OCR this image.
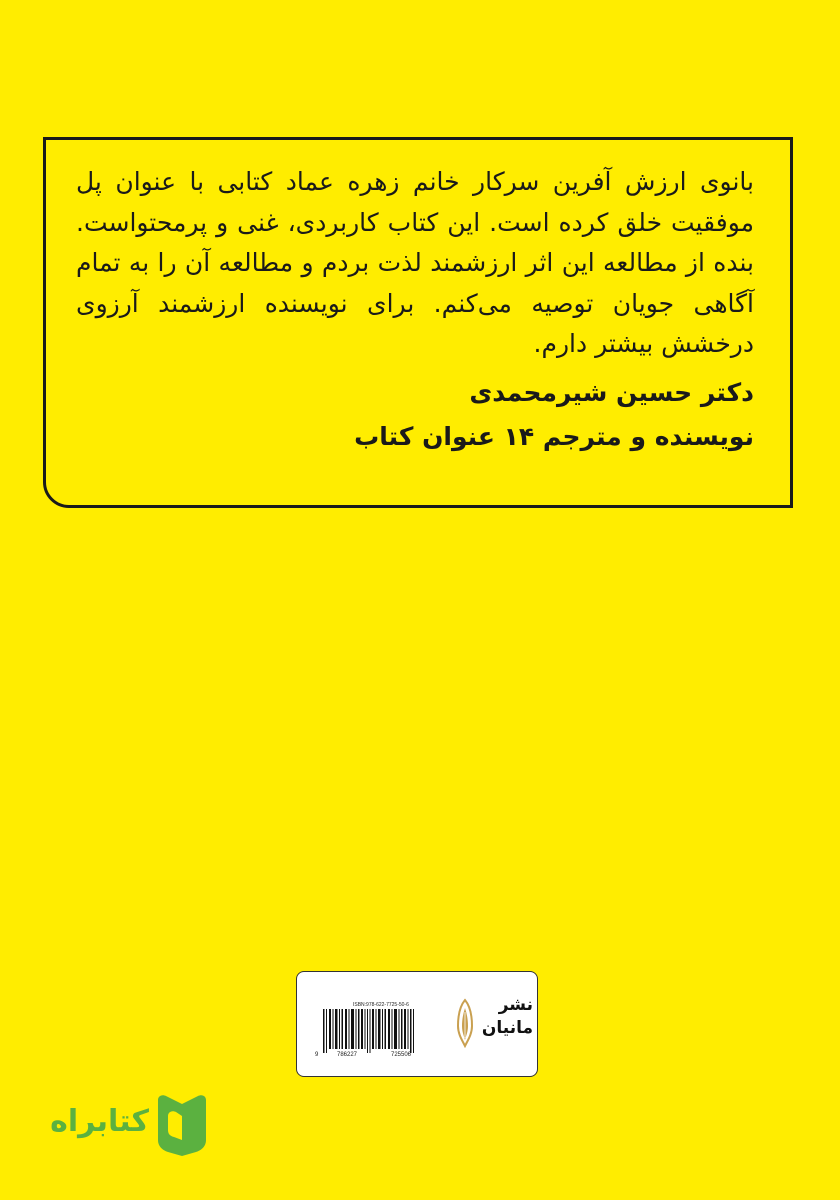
بانوی ارزش آفرین سرکار خانم زهره عماد کتابی با عنوان پل موفقیت خلق کرده است. این کتاب کاربردی، غنی و پرمحتواست. بنده از مطالعه این اثر ارزشمند لذت بردم و مطالعه آن را به تمام آگاهی جویان توصیه می‌کنم. برای نویسنده ارزشمند آرزوی درخشش بیشتر دارم.

دکتر حسین شیرمحمدی

نویسنده و مترجم ۱۴ عنوان کتاب

ISBN:978-622-7725-50-6
9	786227	725506
نشر
مانیان
کتابراه
